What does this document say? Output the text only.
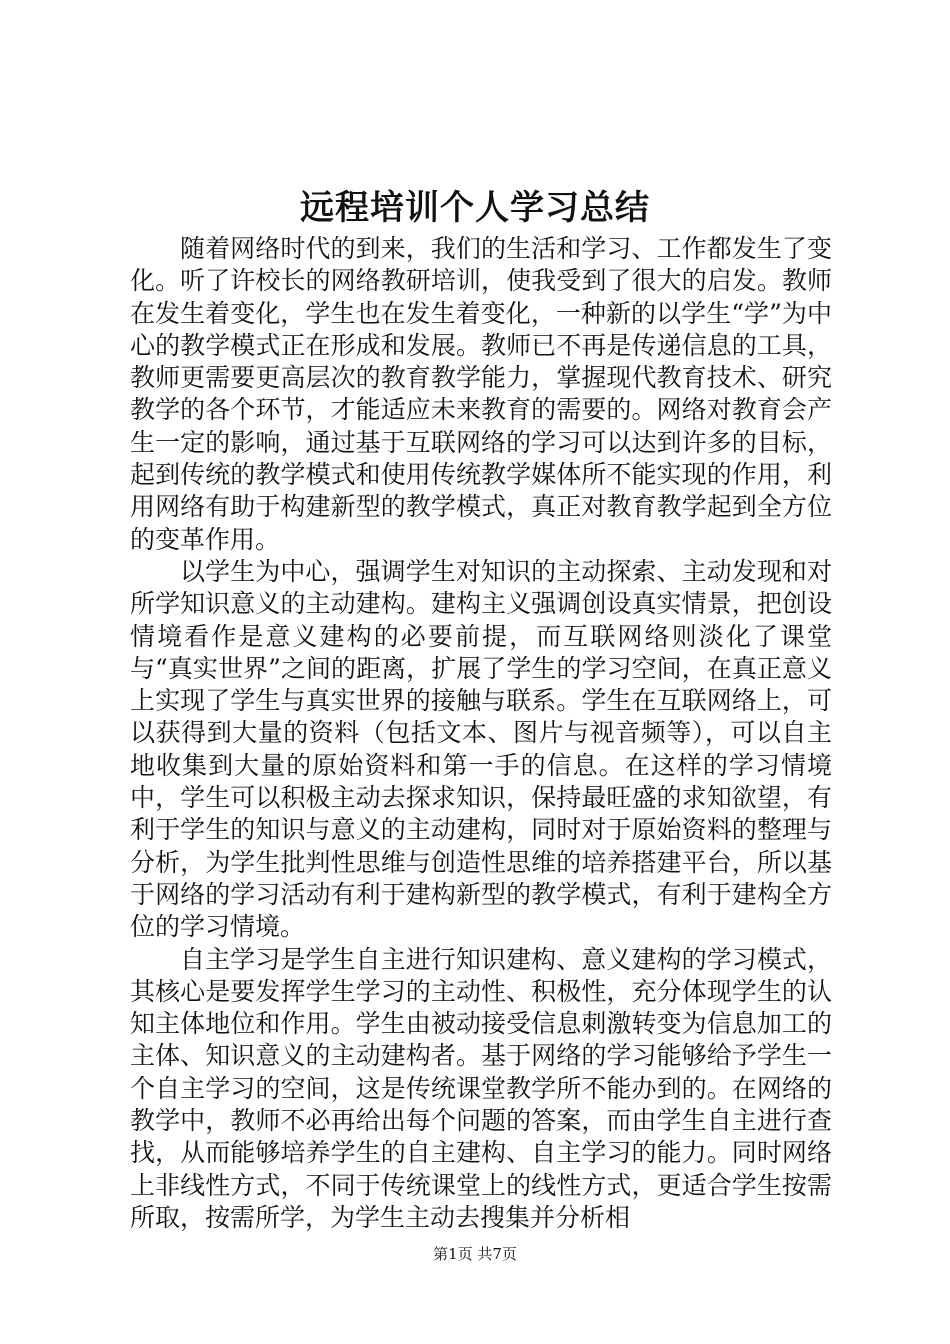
远程培训个人学习总结

随着网络时代的到来，我们的生活和学习、工作都发生了变化。听了许校长的网络教研培训，使我受到了很大的启发。教师在发生着变化，学生也在发生着变化，一种新的以学生“学”为中心的教学模式正在形成和发展。教师已不再是传递信息的工具，教师更需要更高层次的教育教学能力，掌握现代教育技术、研究教学的各个环节，才能适应未来教育的需要的。网络对教育会产生一定的影响，通过基于互联网络的学习可以达到许多的目标，起到传统的教学模式和使用传统教学媒体所不能实现的作用，利用网络有助于构建新型的教学模式，真正对教育教学起到全方位的变革作用。

以学生为中心，强调学生对知识的主动探索、主动发现和对所学知识意义的主动建构。建构主义强调创设真实情景，把创设情境看作是意义建构的必要前提，而互联网络则淡化了课堂与“真实世界”之间的距离，扩展了学生的学习空间，在真正意义上实现了学生与真实世界的接触与联系。学生在互联网络上，可以获得到大量的资料（包括文本、图片与视音频等），可以自主地收集到大量的原始资料和第一手的信息。在这样的学习情境中，学生可以积极主动去探求知识，保持最旺盛的求知欲望，有利于学生的知识与意义的主动建构，同时对于原始资料的整理与分析，为学生批判性思维与创造性思维的培养搭建平台，所以基于网络的学习活动有利于建构新型的教学模式，有利于建构全方位的学习情境。

自主学习是学生自主进行知识建构、意义建构的学习模式，其核心是要发挥学生学习的主动性、积极性，充分体现学生的认知主体地位和作用。学生由被动接受信息刺激转变为信息加工的主体、知识意义的主动建构者。基于网络的学习能够给予学生一个自主学习的空间，这是传统课堂教学所不能办到的。在网络的教学中，教师不必再给出每个问题的答案，而由学生自主进行查找，从而能够培养学生的自主建构、自主学习的能力。同时网络上非线性方式，不同于传统课堂上的线性方式，更适合学生按需所取，按需所学，为学生主动去搜集并分析相

第1页 共7页
